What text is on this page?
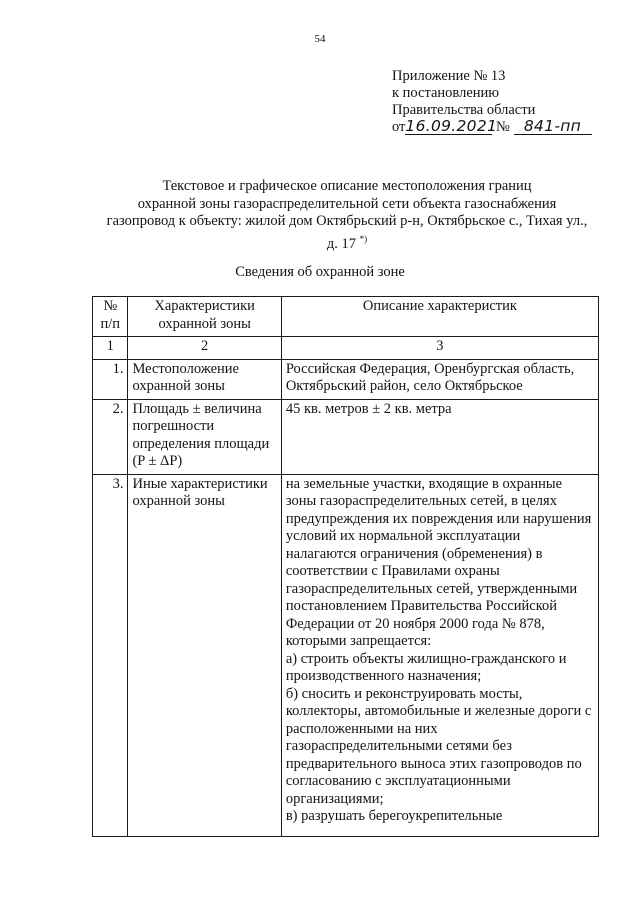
54
Приложение № 13
к постановлению
Правительства области
от16.09.2021 № 841-пп
Текстовое и графическое описание местоположения границ
охранной зоны газораспределительной сети объекта газоснабжения
газопровод к объекту: жилой дом Октябрьский р-н, Октябрьское с., Тихая ул.,
д. 17 *)
Сведения об охранной зоне
№ п/п	Характеристики охранной зоны	Описание характеристик
1	2	3
1.	Местоположение охранной зоны	Российская Федерация, Оренбургская область, Октябрьский район, село Октябрьское
2.	Площадь ± величина погрешности определения площади (P ± ΔP)	45 кв. метров ± 2 кв. метра
3.	Иные характеристики охранной зоны	на земельные участки, входящие в охранные зоны газораспределительных сетей, в целях предупреждения их повреждения или нарушения условий их нормальной эксплуатации налагаются ограничения (обременения) в соответствии с Правилами охраны газораспределительных сетей, утвержденными постановлением Правительства Российской Федерации от 20 ноября 2000 года № 878, которыми запрещается:
а) строить объекты жилищно-гражданского и производственного назначения;
б) сносить и реконструировать мосты, коллекторы, автомобильные и железные дороги с расположенными на них газораспределительными сетями без предварительного выноса этих газопроводов по согласованию с эксплуатационными организациями;
в) разрушать берегоукрепительные
